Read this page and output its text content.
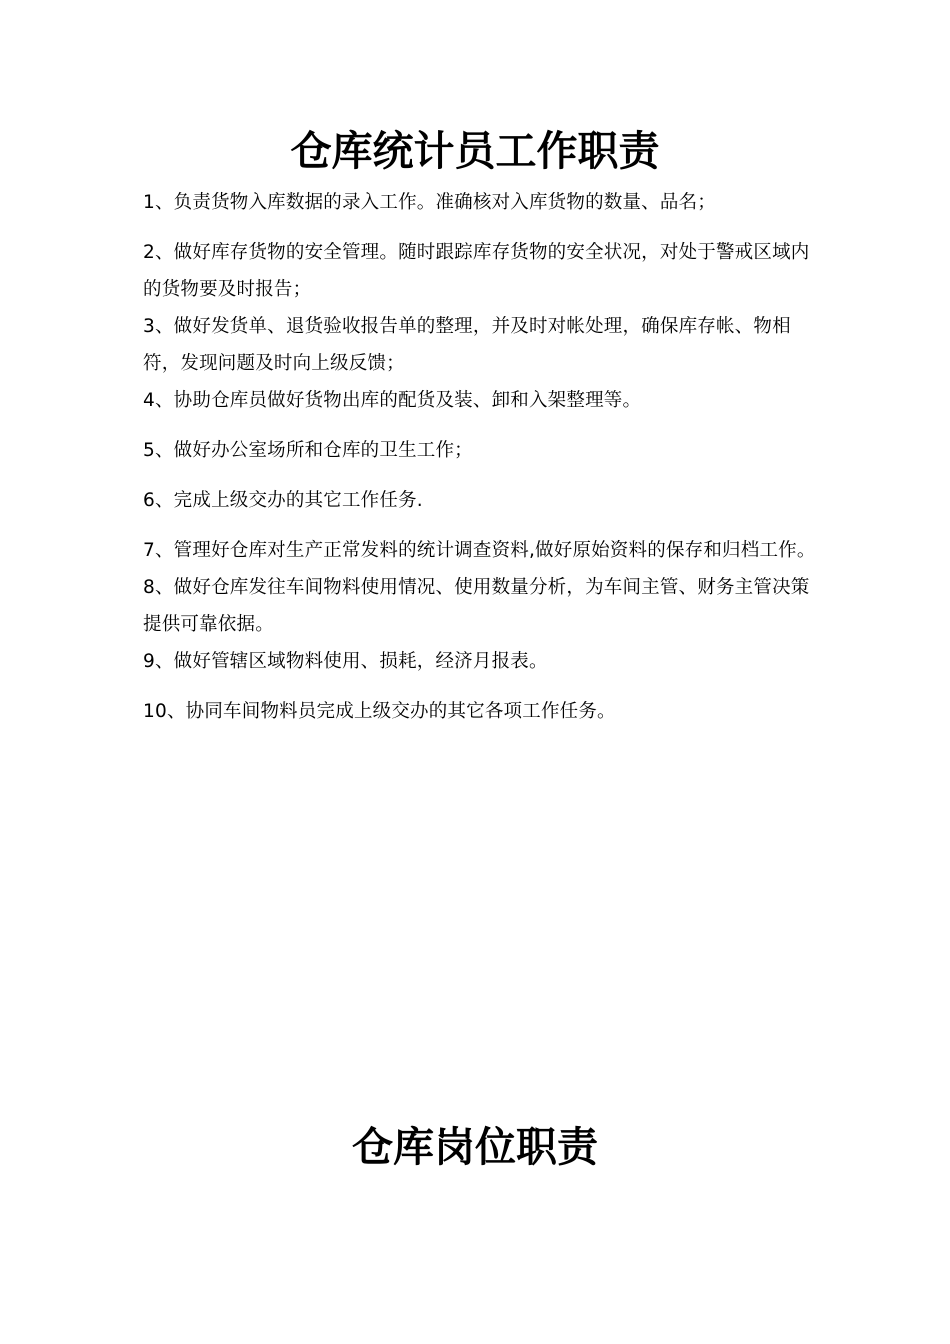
仓库统计员工作职责
1、负责货物入库数据的录入工作。准确核对入库货物的数量、品名；
2、做好库存货物的安全管理。随时跟踪库存货物的安全状况，对处于警戒区域内的货物要及时报告；
3、做好发货单、退货验收报告单的整理，并及时对帐处理，确保库存帐、物相符，发现问题及时向上级反馈；
4、协助仓库员做好货物出库的配货及装、卸和入架整理等。
5、做好办公室场所和仓库的卫生工作；
6、完成上级交办的其它工作任务.
7、管理好仓库对生产正常发料的统计调查资料,做好原始资料的保存和归档工作。
8、做好仓库发往车间物料使用情况、使用数量分析，为车间主管、财务主管决策提供可靠依据。
9、做好管辖区域物料使用、损耗，经济月报表。
10、协同车间物料员完成上级交办的其它各项工作任务。
仓库岗位职责
